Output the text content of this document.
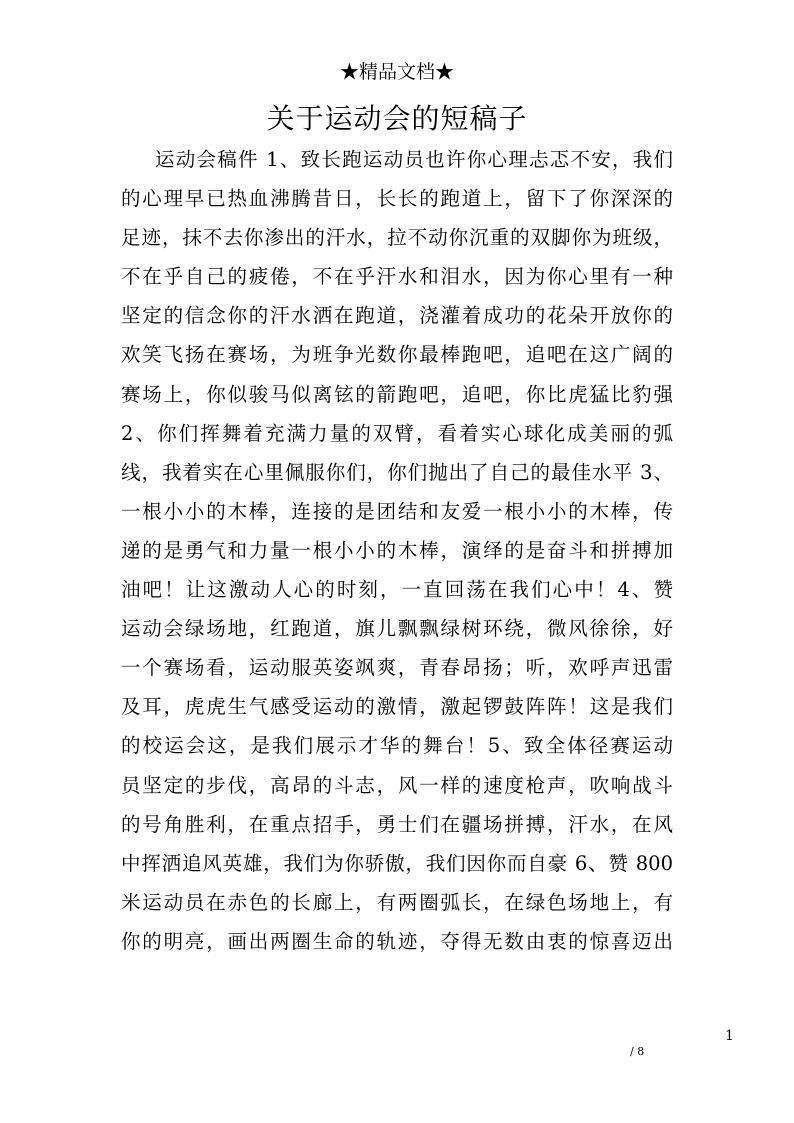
★精品文档★
关于运动会的短稿子
运动会稿件 1、致长跑运动员也许你心理忐忑不安，我们
的心理早已热血沸腾昔日，长长的跑道上，留下了你深深的
足迹，抹不去你渗出的汗水，拉不动你沉重的双脚你为班级，
不在乎自己的疲倦，不在乎汗水和泪水，因为你心里有一种
坚定的信念你的汗水洒在跑道，浇灌着成功的花朵开放你的
欢笑飞扬在赛场，为班争光数你最棒跑吧，追吧在这广阔的
赛场上，你似骏马似离铉的箭跑吧，追吧，你比虎猛比豹强
2、你们挥舞着充满力量的双臂，看着实心球化成美丽的弧
线，我着实在心里佩服你们，你们抛出了自己的最佳水平 3、
一根小小的木棒，连接的是团结和友爱一根小小的木棒，传
递的是勇气和力量一根小小的木棒，演绎的是奋斗和拼搏加
油吧！让这激动人心的时刻，一直回荡在我们心中！4、赞
运动会绿场地，红跑道，旗儿飘飘绿树环绕，微风徐徐，好
一个赛场看，运动服英姿飒爽，青春昂扬；听，欢呼声迅雷
及耳，虎虎生气感受运动的激情，激起锣鼓阵阵！这是我们
的校运会这，是我们展示才华的舞台！5、致全体径赛运动
员坚定的步伐，高昂的斗志，风一样的速度枪声，吹响战斗
的号角胜利，在重点招手，勇士们在疆场拼搏，汗水，在风
中挥洒追风英雄，我们为你骄傲，我们因你而自豪 6、赞 800
米运动员在赤色的长廊上，有两圈弧长，在绿色场地上，有
你的明亮，画出两圈生命的轨迹，夺得无数由衷的惊喜迈出
1
/ 8
